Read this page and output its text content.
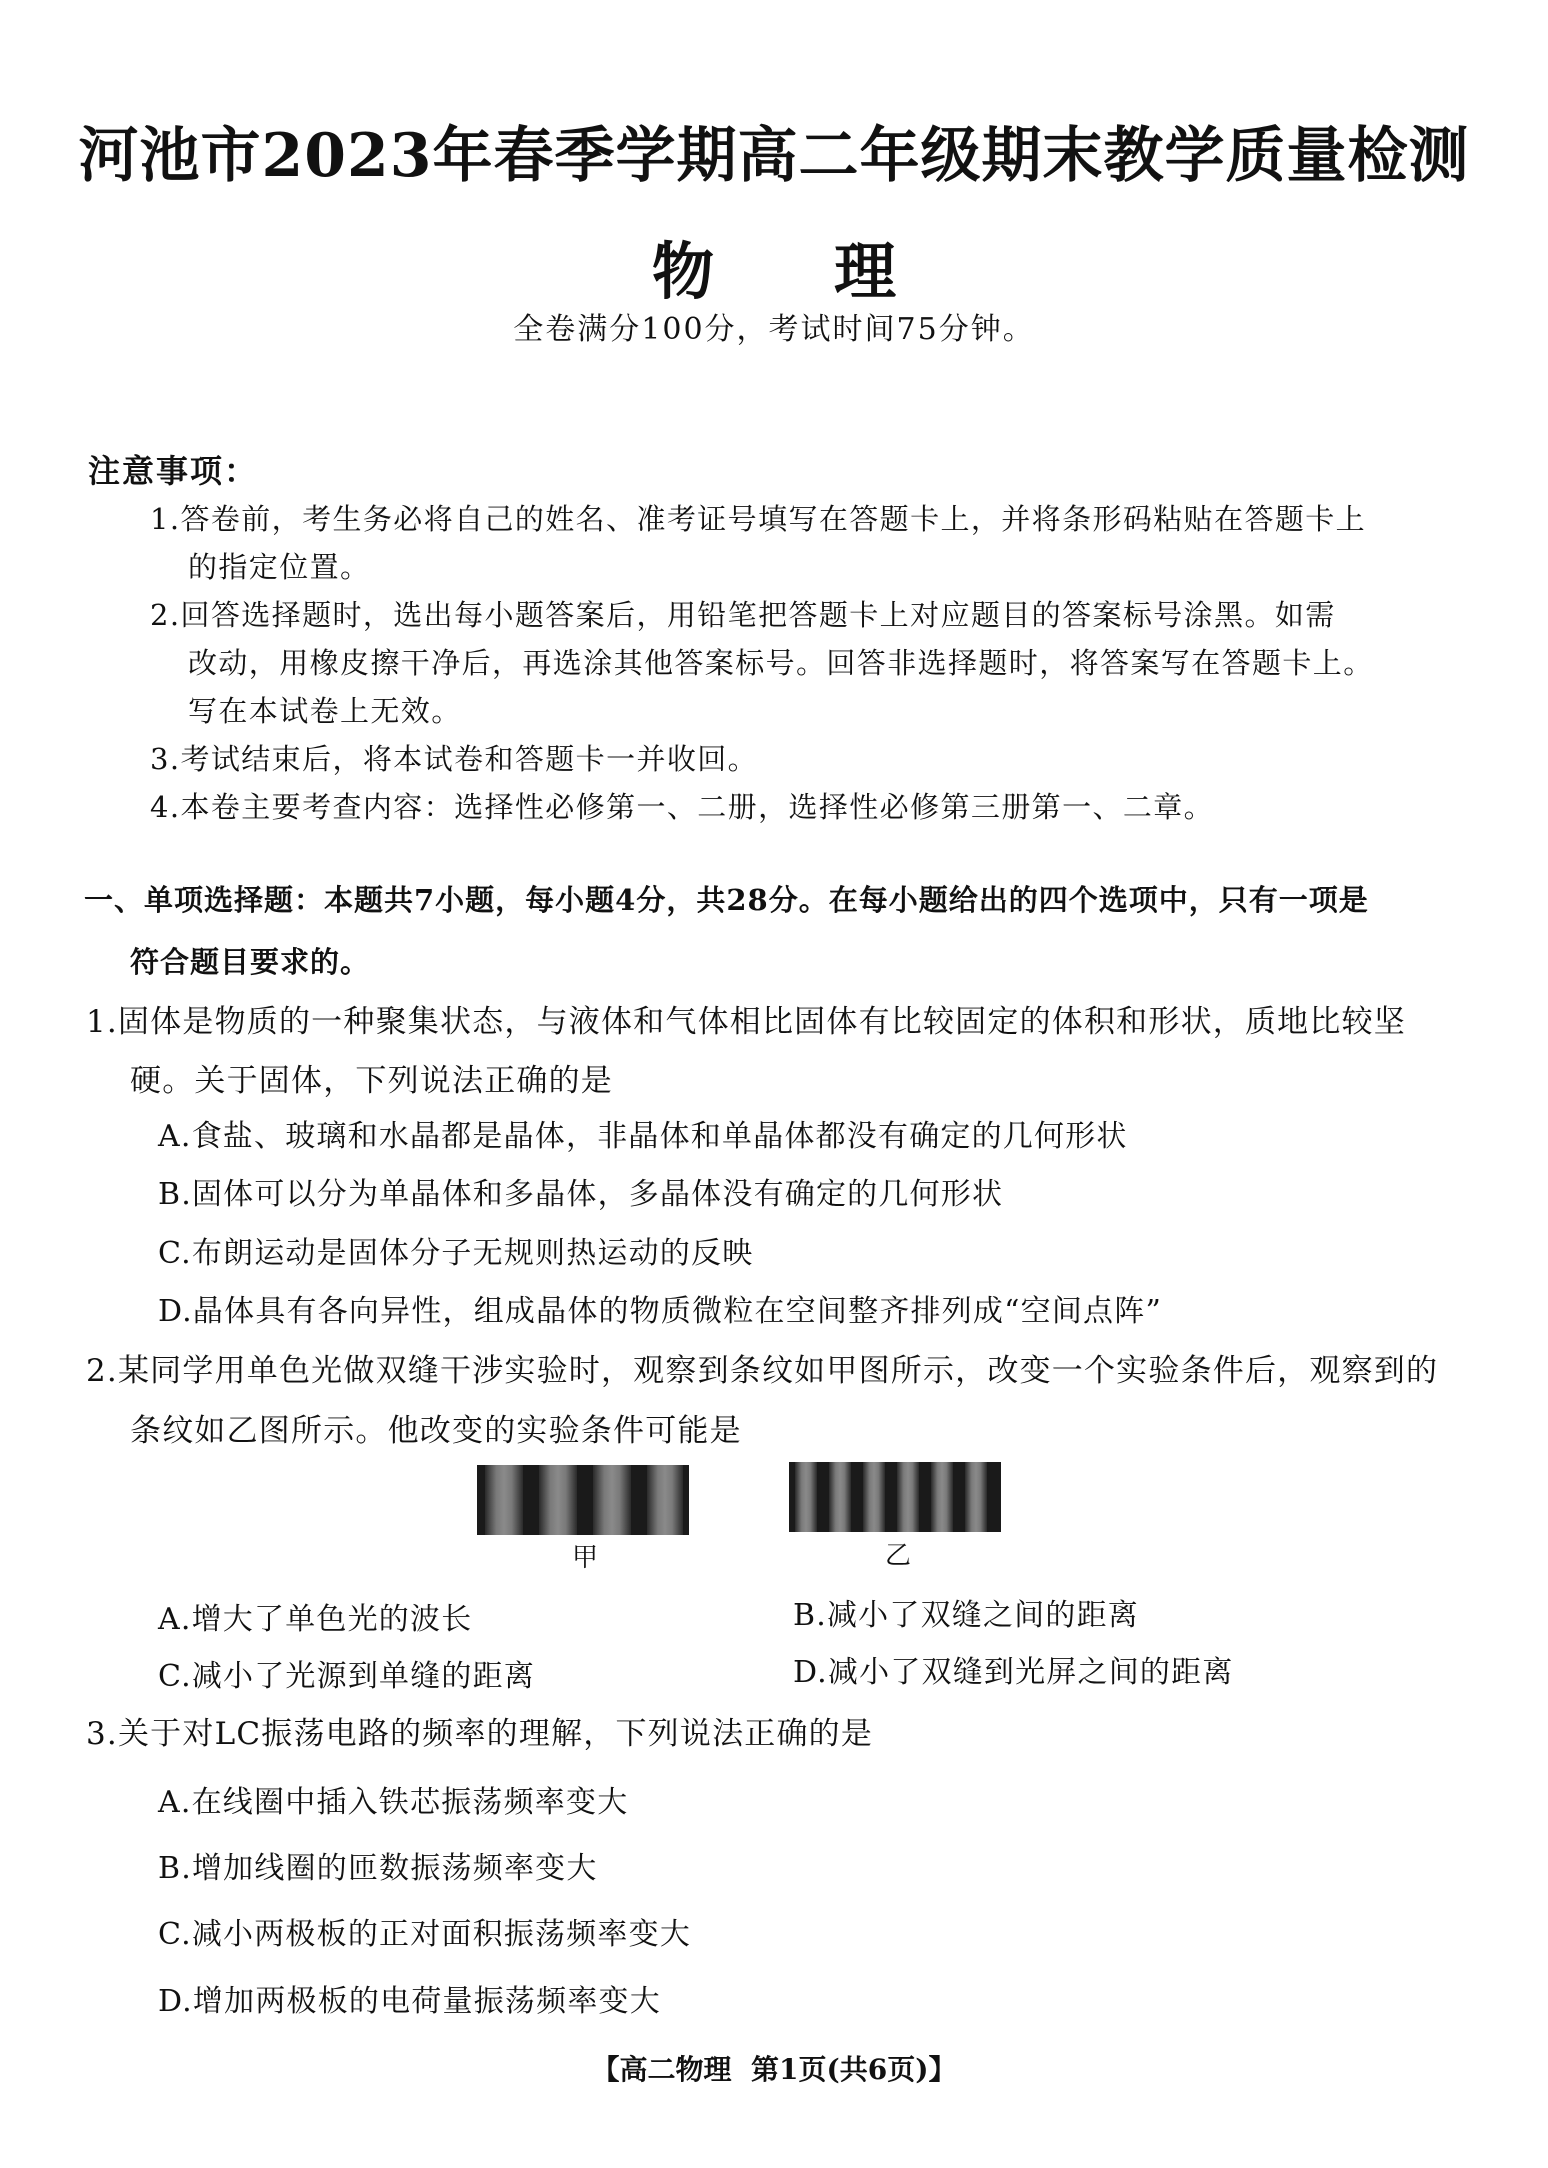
河池市2023年春季学期高二年级期末教学质量检测
物理
全卷满分100分，考试时间75分钟。
注意事项：
1.答卷前，考生务必将自己的姓名、准考证号填写在答题卡上，并将条形码粘贴在答题卡上
的指定位置。
2.回答选择题时，选出每小题答案后，用铅笔把答题卡上对应题目的答案标号涂黑。如需
改动，用橡皮擦干净后，再选涂其他答案标号。回答非选择题时，将答案写在答题卡上。
写在本试卷上无效。
3.考试结束后，将本试卷和答题卡一并收回。
4.本卷主要考查内容：选择性必修第一、二册，选择性必修第三册第一、二章。
一、单项选择题：本题共7小题，每小题4分，共28分。在每小题给出的四个选项中，只有一项是
符合题目要求的。
1.固体是物质的一种聚集状态，与液体和气体相比固体有比较固定的体积和形状，质地比较坚
硬。关于固体，下列说法正确的是
A.食盐、玻璃和水晶都是晶体，非晶体和单晶体都没有确定的几何形状
B.固体可以分为单晶体和多晶体，多晶体没有确定的几何形状
C.布朗运动是固体分子无规则热运动的反映
D.晶体具有各向异性，组成晶体的物质微粒在空间整齐排列成“空间点阵”
2.某同学用单色光做双缝干涉实验时，观察到条纹如甲图所示，改变一个实验条件后，观察到的
条纹如乙图所示。他改变的实验条件可能是
甲	乙
A.增大了单色光的波长	B.减小了双缝之间的距离
C.减小了光源到单缝的距离	D.减小了双缝到光屏之间的距离
3.关于对LC振荡电路的频率的理解，下列说法正确的是
A.在线圈中插入铁芯振荡频率变大
B.增加线圈的匝数振荡频率变大
C.减小两极板的正对面积振荡频率变大
D.增加两极板的电荷量振荡频率变大
【高二物理 第1页(共6页)】
